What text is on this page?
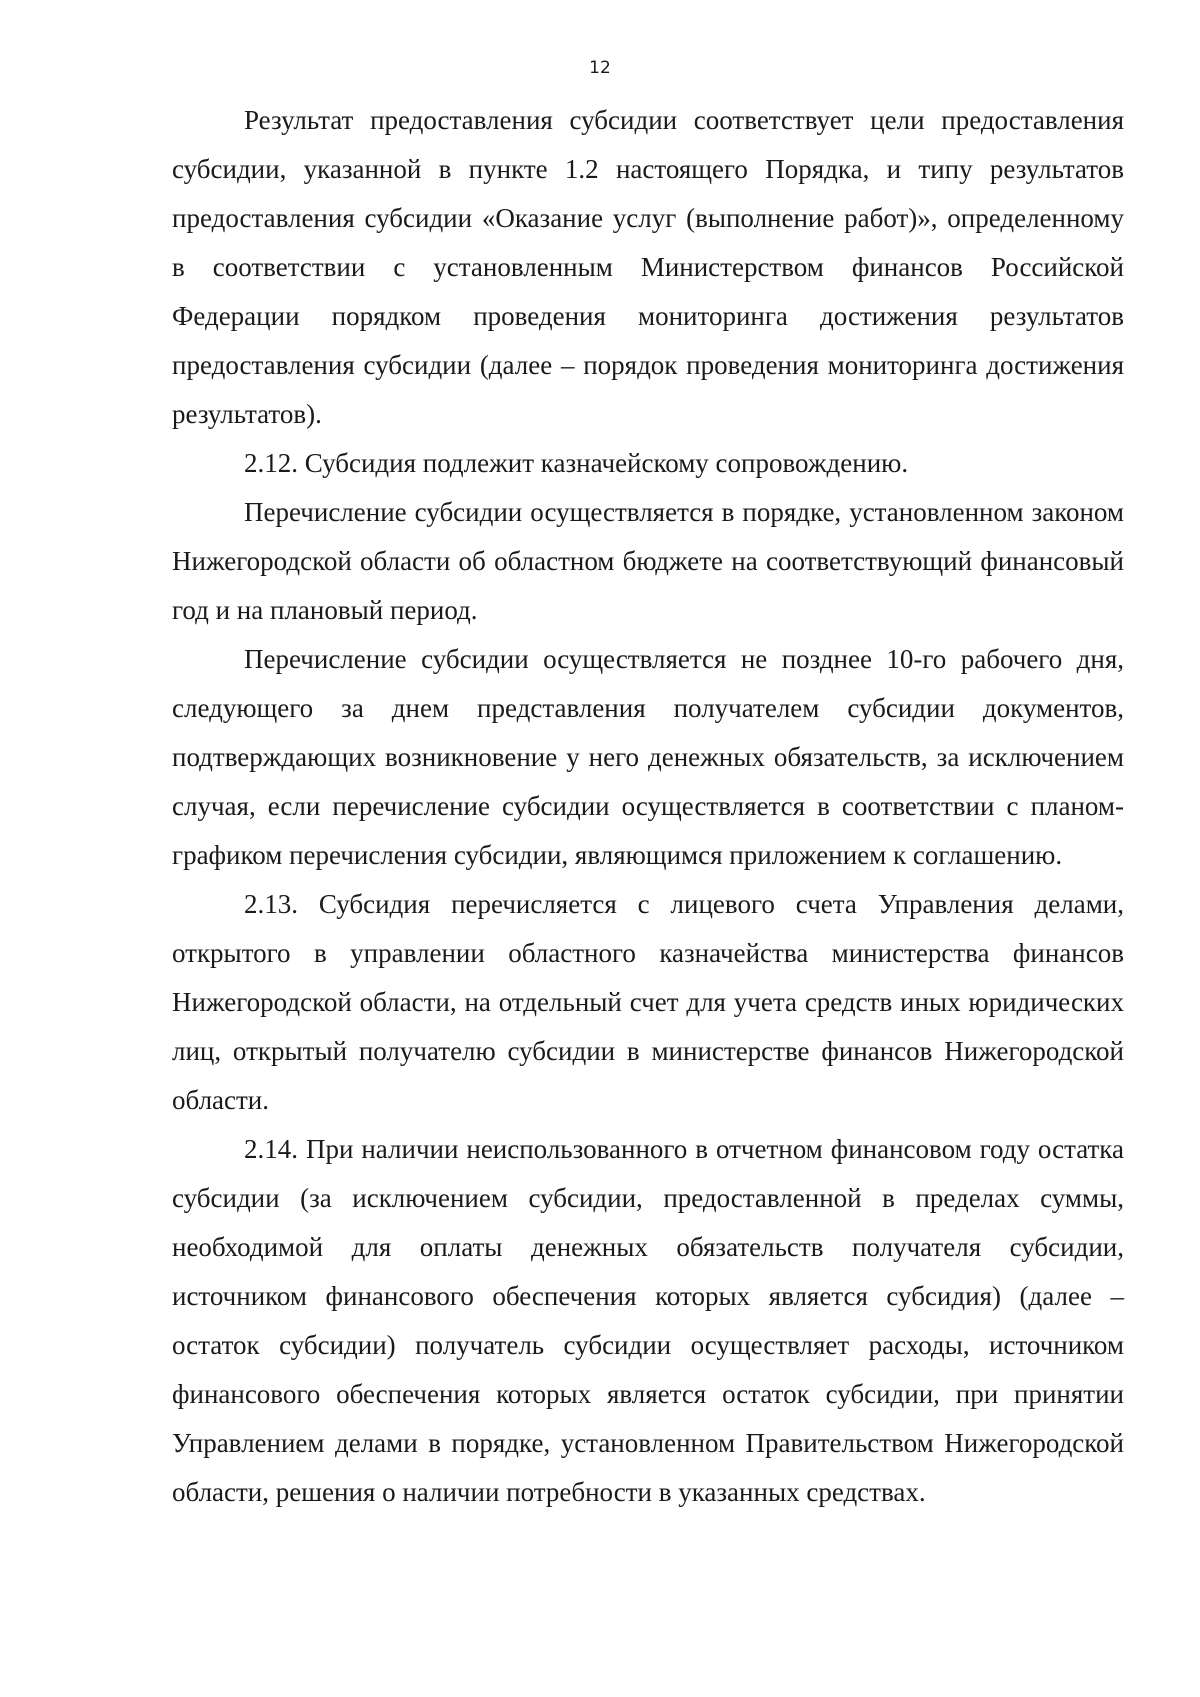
12

Результат предоставления субсидии соответствует цели предоставления субсидии, указанной в пункте 1.2 настоящего Порядка, и типу результатов предоставления субсидии «Оказание услуг (выполнение работ)», определенному в соответствии с установленным Министерством финансов Российской Федерации порядком проведения мониторинга достижения результатов предоставления субсидии (далее – порядок проведения мониторинга достижения результатов).

2.12. Субсидия подлежит казначейскому сопровождению.

Перечисление субсидии осуществляется в порядке, установленном законом Нижегородской области об областном бюджете на соответствующий финансовый год и на плановый период.

Перечисление субсидии осуществляется не позднее 10-го рабочего дня, следующего за днем представления получателем субсидии документов, подтверждающих возникновение у него денежных обязательств, за исключением случая, если перечисление субсидии осуществляется в соответствии с планом-графиком перечисления субсидии, являющимся приложением к соглашению.

2.13. Субсидия перечисляется с лицевого счета Управления делами, открытого в управлении областного казначейства министерства финансов Нижегородской области, на отдельный счет для учета средств иных юридических лиц, открытый получателю субсидии в министерстве финансов Нижегородской области.

2.14. При наличии неиспользованного в отчетном финансовом году остатка субсидии (за исключением субсидии, предоставленной в пределах суммы, необходимой для оплаты денежных обязательств получателя субсидии, источником финансового обеспечения которых является субсидия) (далее – остаток субсидии) получатель субсидии осуществляет расходы, источником финансового обеспечения которых является остаток субсидии, при принятии Управлением делами в порядке, установленном Правительством Нижегородской области, решения о наличии потребности в указанных средствах.
